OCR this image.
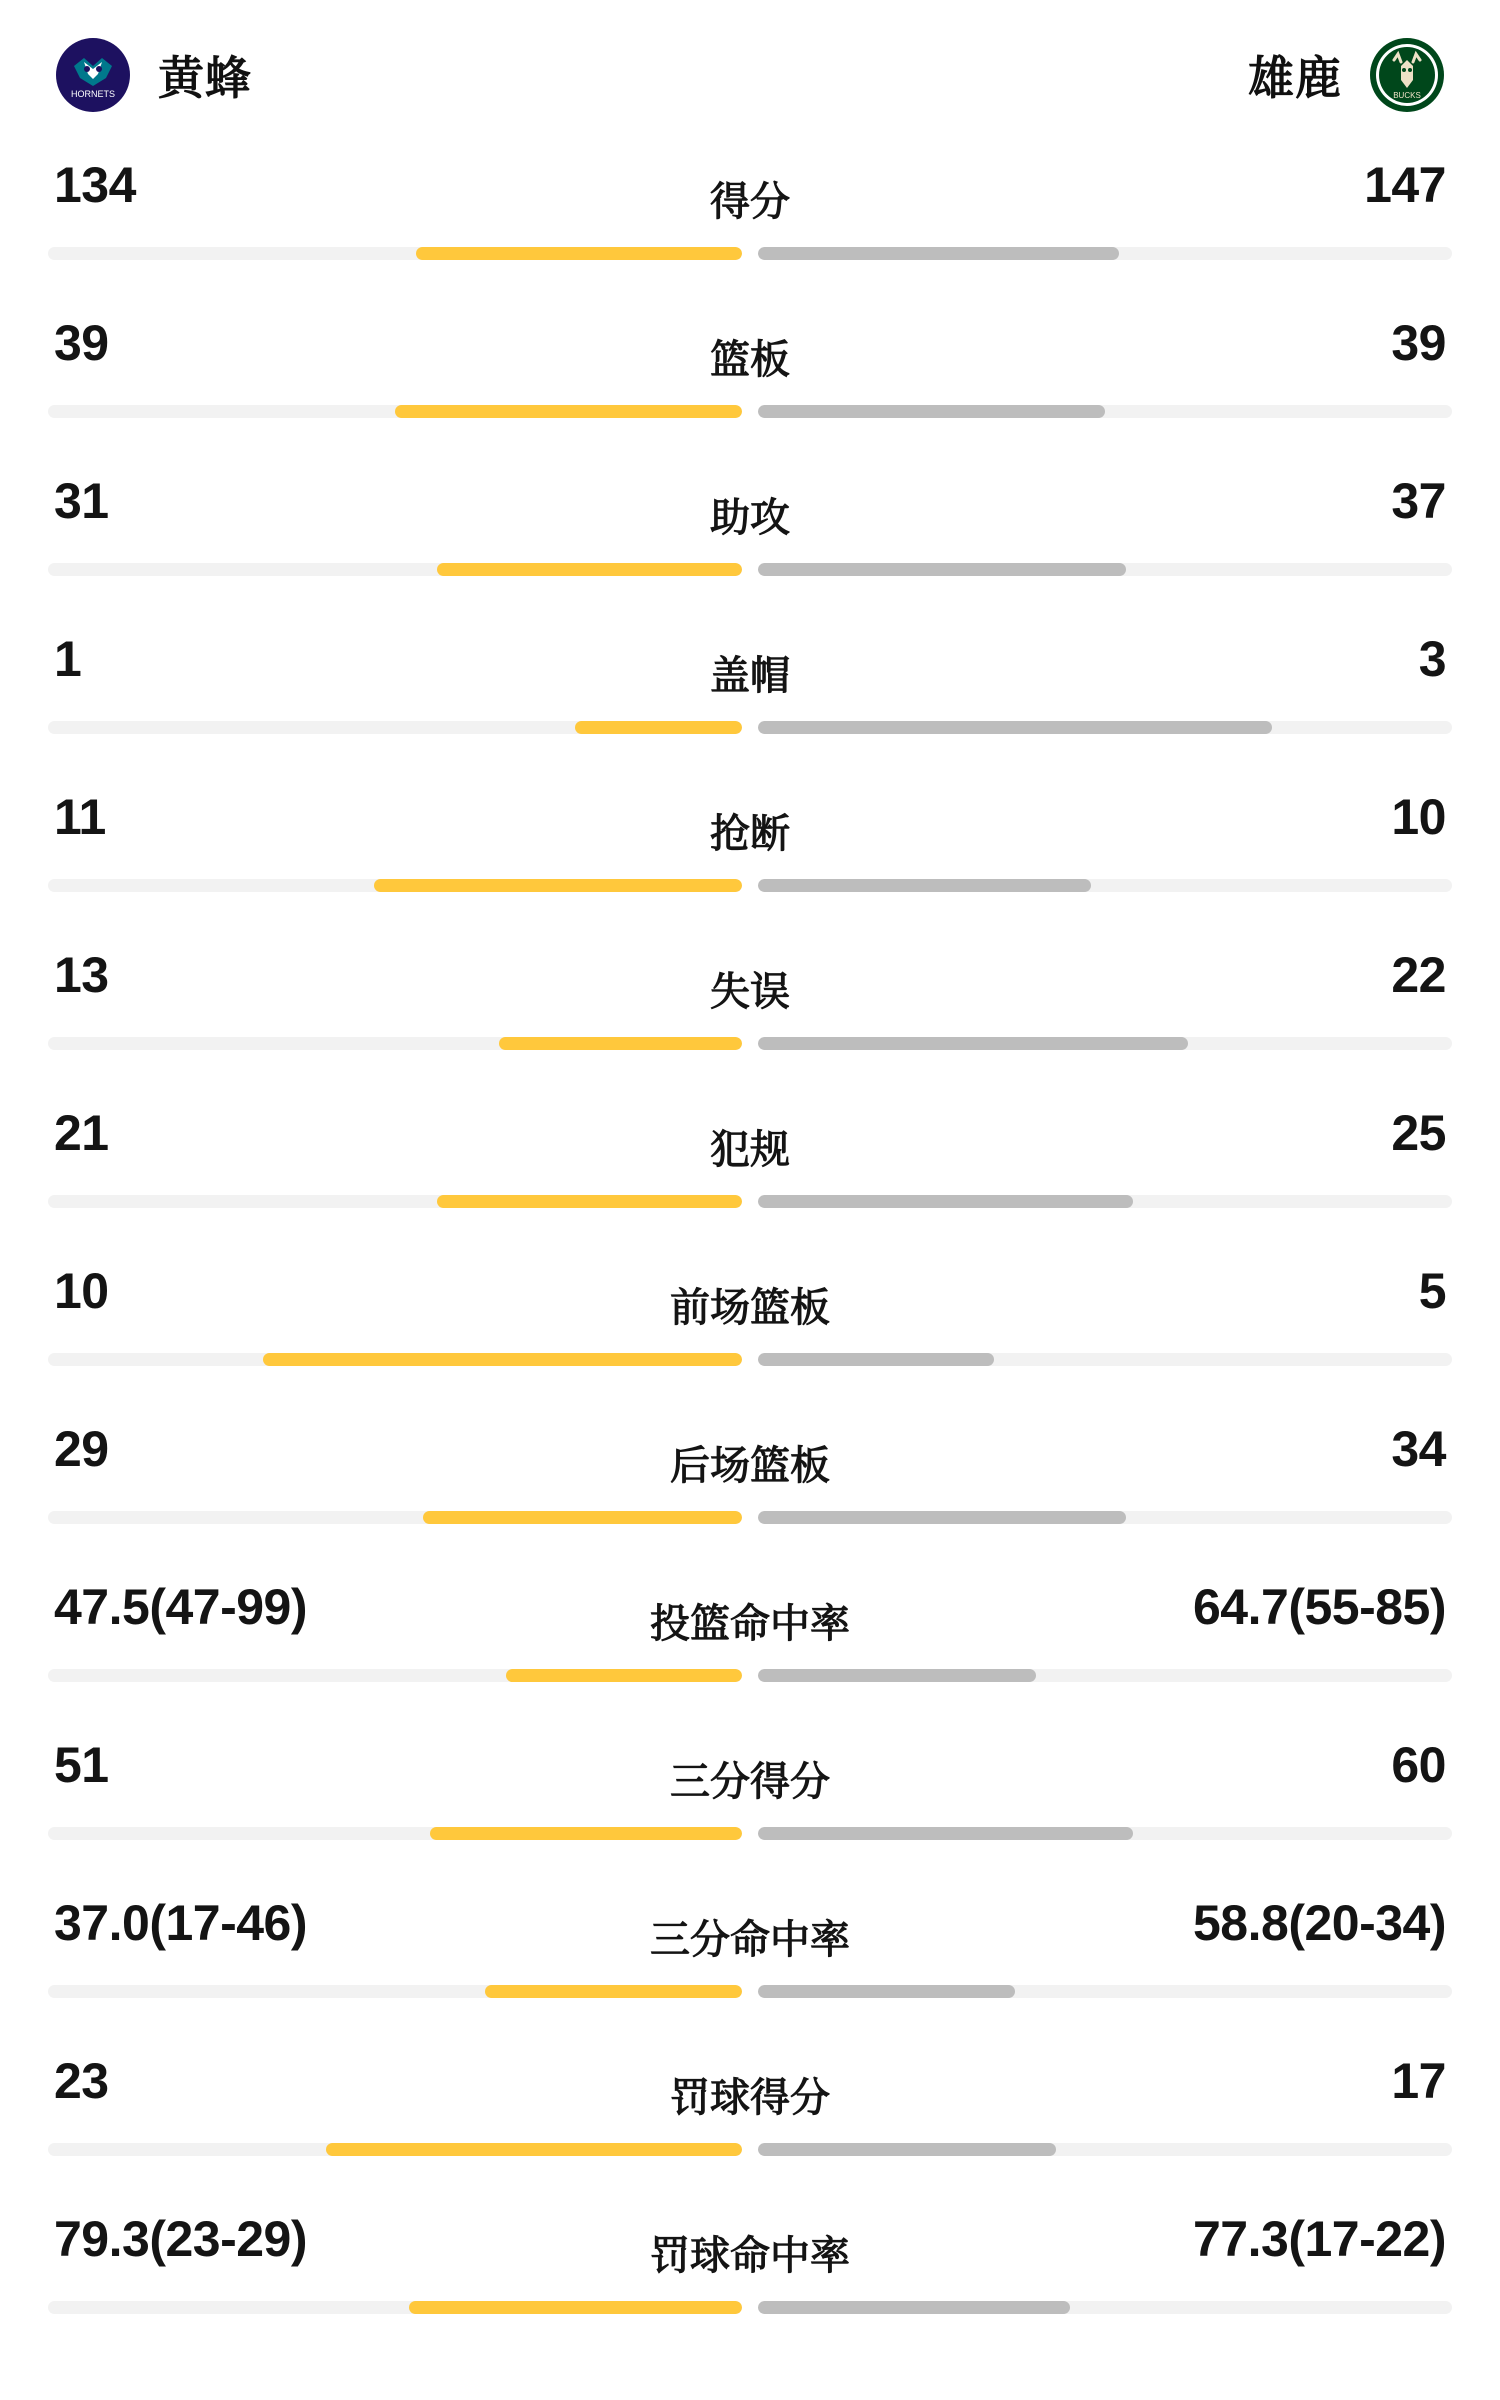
HORNETS 黄蜂	BUCKS
雄鹿
134	得分	147
39	篮板	39
31	助攻	37
1	盖帽	3
11	抢断	10
13	失误	22
21	犯规	25
10	前场篮板	5
29	后场篮板	34
47.5(47-99)	投篮命中率	64.7(55-85)
51	三分得分	60
37.0(17-46)	三分命中率	58.8(20-34)
23	罚球得分	17
79.3(23-29)	罚球命中率	77.3(17-22)
